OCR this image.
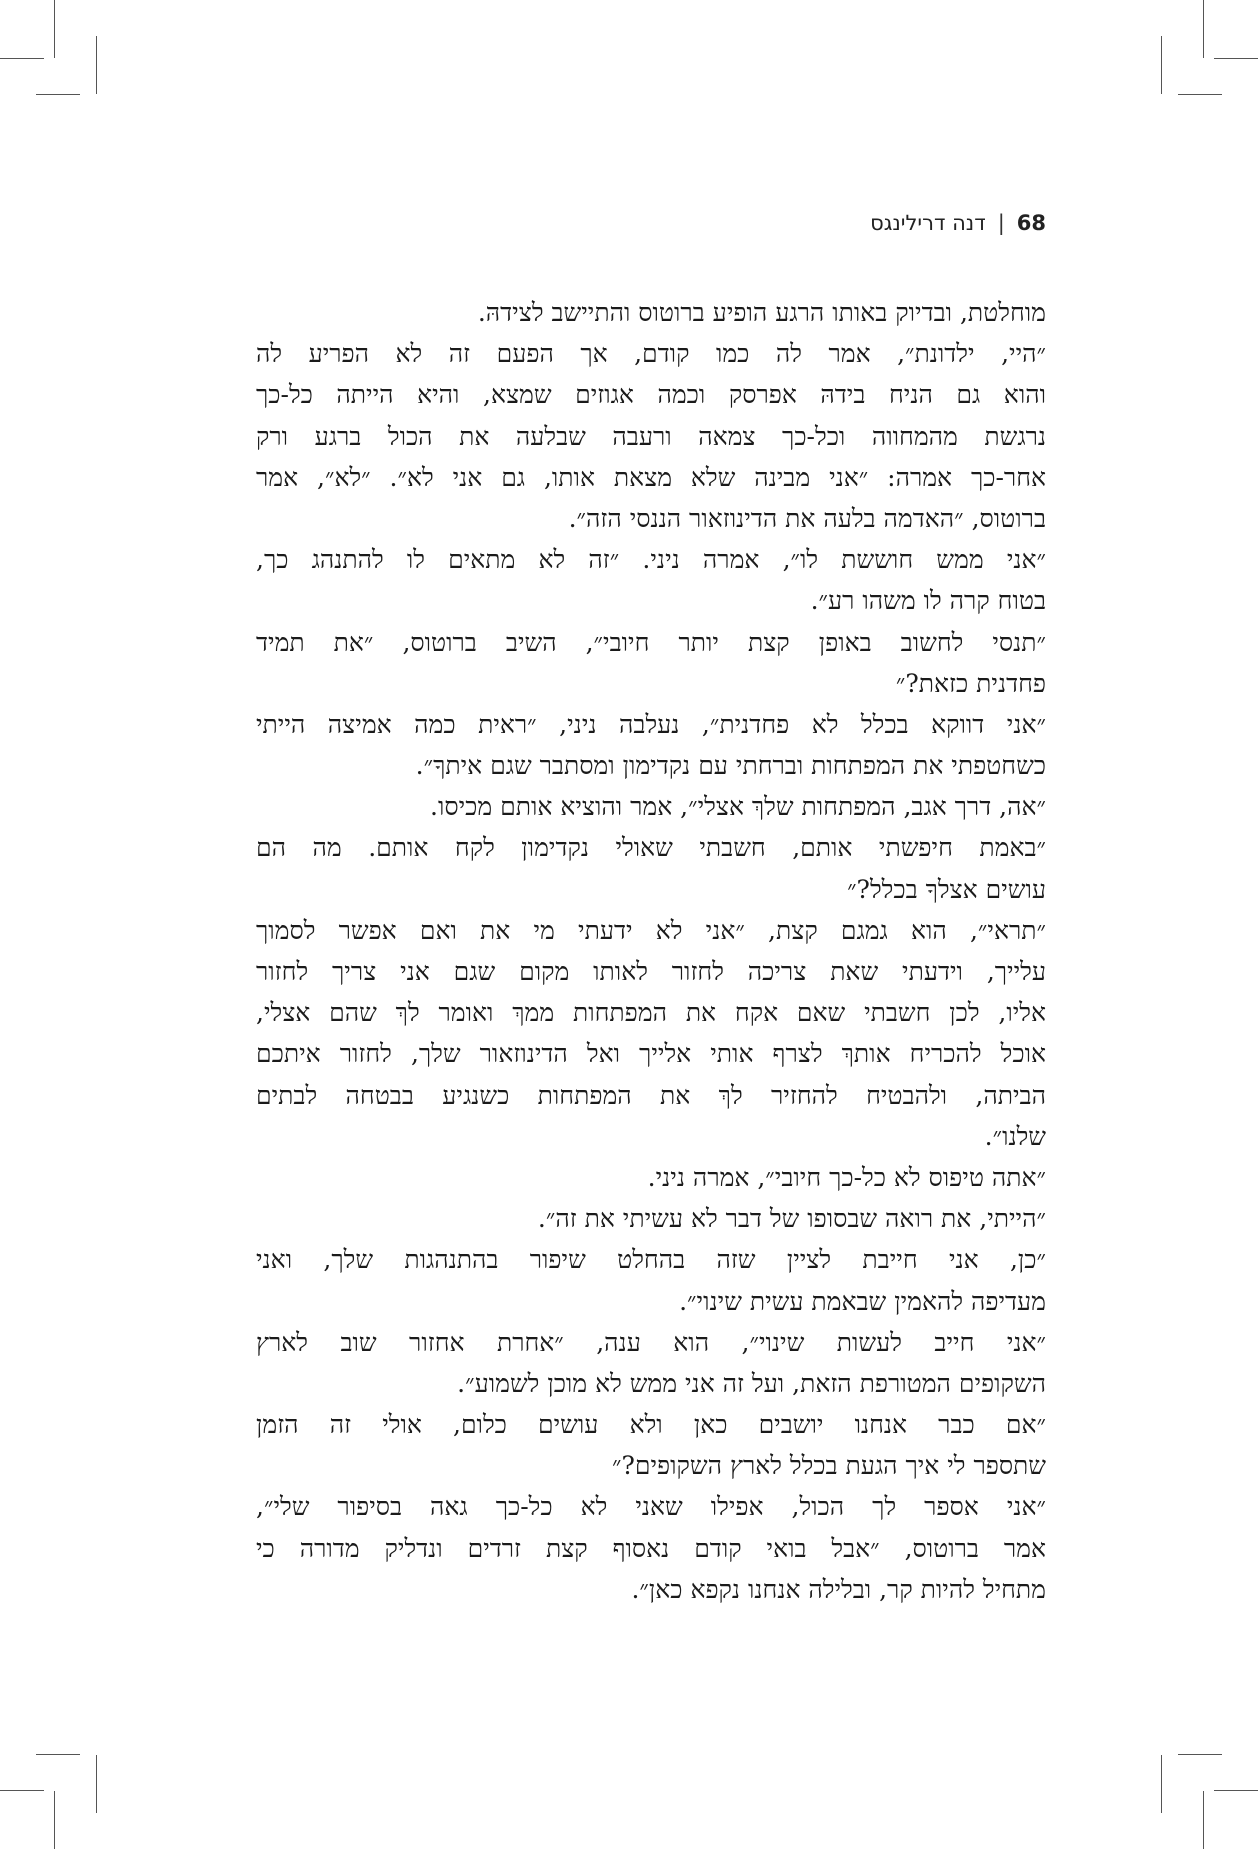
68|דנה דרילינגס
מוחלטת, ובדיוק באותו הרגע הופיע ברוטוס והתיישב לצידהּ.
״היי, ילדונת״, אמר לה כמו קודם, אך הפעם זה לא הפריע לה
והוא גם הניח בידהּ אפרסק וכמה אגוזים שמצא, והיא הייתה כל-כך
נרגשת מהמחווה וכל-כך צמאה ורעבה שבלעה את הכול ברגע ורק
אחר-כך אמרה: ״אני מבינה שלא מצאת אותו, גם אני לא״. ״לא״, אמר
ברוטוס, ״האדמה בלעה את הדינוזאור הננסי הזה״.
״אני ממש חוששת לו״, אמרה ניני. ״זה לא מתאים לו להתנהג כך,
בטוח קרה לו משהו רע״.
״תנסי לחשוב באופן קצת יותר חיובי״, השיב ברוטוס, ״את תמיד
פחדנית כזאת?״
״אני דווקא בכלל לא פחדנית״, נעלבה ניני, ״ראית כמה אמיצה הייתי
כשחטפתי את המפתחות וברחתי עם נקדימון ומסתבר שגם איתךָ״.
״אה, דרך אגב, המפתחות שלךְ אצלי״, אמר והוציא אותם מכיסו.
״באמת חיפשתי אותם, חשבתי שאולי נקדימון לקח אותם. מה הם
עושים אצלךָ בכלל?״
״תראי״, הוא גמגם קצת, ״אני לא ידעתי מי את ואם אפשר לסמוך
עלייך, וידעתי שאת צריכה לחזור לאותו מקום שגם אני צריך לחזור
אליו, לכן חשבתי שאם אקח את המפתחות ממךְ ואומר לךְ שהם אצלי,
אוכל להכריח אותךְ לצרף אותי אלייך ואל הדינוזאור שלך, לחזור איתכם
הביתה, ולהבטיח להחזיר לךְ את המפתחות כשנגיע בבטחה לבתים
שלנו״.
״אתה טיפוס לא כל-כך חיובי״, אמרה ניני.
״הייתי, את רואה שבסופו של דבר לא עשיתי את זה״.
״כן, אני חייבת לציין שזה בהחלט שיפור בהתנהגות שלך, ואני
מעדיפה להאמין שבאמת עשית שינוי״.
״אני חייב לעשות שינוי״, הוא ענה, ״אחרת אחזור שוב לארץ
השקופים המטורפת הזאת, ועל זה אני ממש לא מוכן לשמוע״.
״אם כבר אנחנו יושבים כאן ולא עושים כלום, אולי זה הזמן
שתספר לי איך הגעת בכלל לארץ השקופים?״
״אני אספר לך הכול, אפילו שאני לא כל-כך גאה בסיפור שלי״,
אמר ברוטוס, ״אבל בואי קודם נאסוף קצת זרדים ונדליק מדורה כי
מתחיל להיות קר, ובלילה אנחנו נקפא כאן״.
